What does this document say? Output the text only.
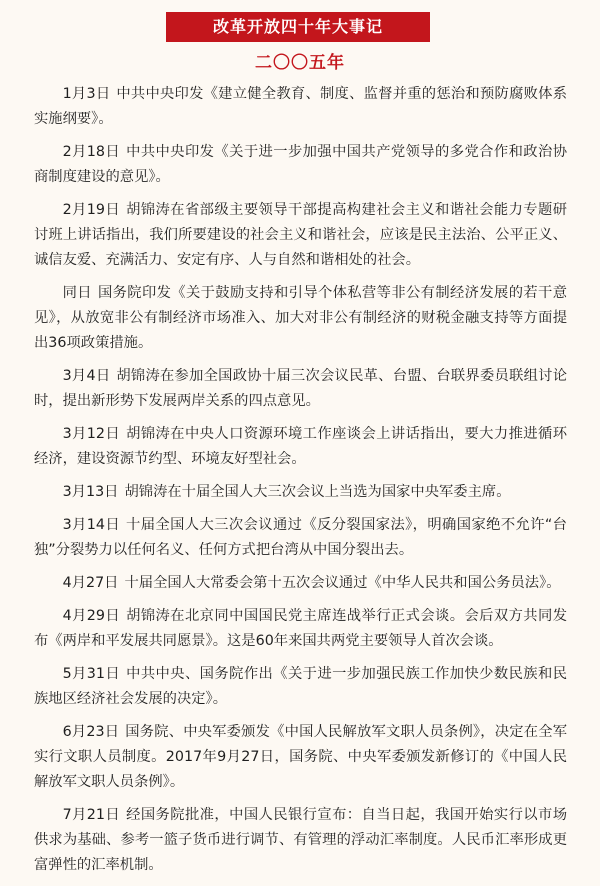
改革开放四十年大事记
二〇〇五年

1月3日 中共中央印发《建立健全教育、制度、监督并重的惩治和预防腐败体系实施纲要》。

2月18日 中共中央印发《关于进一步加强中国共产党领导的多党合作和政治协商制度建设的意见》。

2月19日 胡锦涛在省部级主要领导干部提高构建社会主义和谐社会能力专题研讨班上讲话指出，我们所要建设的社会主义和谐社会，应该是民主法治、公平正义、诚信友爱、充满活力、安定有序、人与自然和谐相处的社会。

同日 国务院印发《关于鼓励支持和引导个体私营等非公有制经济发展的若干意见》，从放宽非公有制经济市场准入、加大对非公有制经济的财税金融支持等方面提出36项政策措施。

3月4日 胡锦涛在参加全国政协十届三次会议民革、台盟、台联界委员联组讨论时，提出新形势下发展两岸关系的四点意见。

3月12日 胡锦涛在中央人口资源环境工作座谈会上讲话指出，要大力推进循环经济，建设资源节约型、环境友好型社会。

3月13日 胡锦涛在十届全国人大三次会议上当选为国家中央军委主席。

3月14日 十届全国人大三次会议通过《反分裂国家法》，明确国家绝不允许“台独”分裂势力以任何名义、任何方式把台湾从中国分裂出去。

4月27日 十届全国人大常委会第十五次会议通过《中华人民共和国公务员法》。

4月29日 胡锦涛在北京同中国国民党主席连战举行正式会谈。会后双方共同发布《两岸和平发展共同愿景》。这是60年来国共两党主要领导人首次会谈。

5月31日 中共中央、国务院作出《关于进一步加强民族工作加快少数民族和民族地区经济社会发展的决定》。

6月23日 国务院、中央军委颁发《中国人民解放军文职人员条例》，决定在全军实行文职人员制度。2017年9月27日，国务院、中央军委颁发新修订的《中国人民解放军文职人员条例》。

7月21日 经国务院批准，中国人民银行宣布：自当日起，我国开始实行以市场供求为基础、参考一篮子货币进行调节、有管理的浮动汇率制度。人民币汇率形成更富弹性的汇率机制。
